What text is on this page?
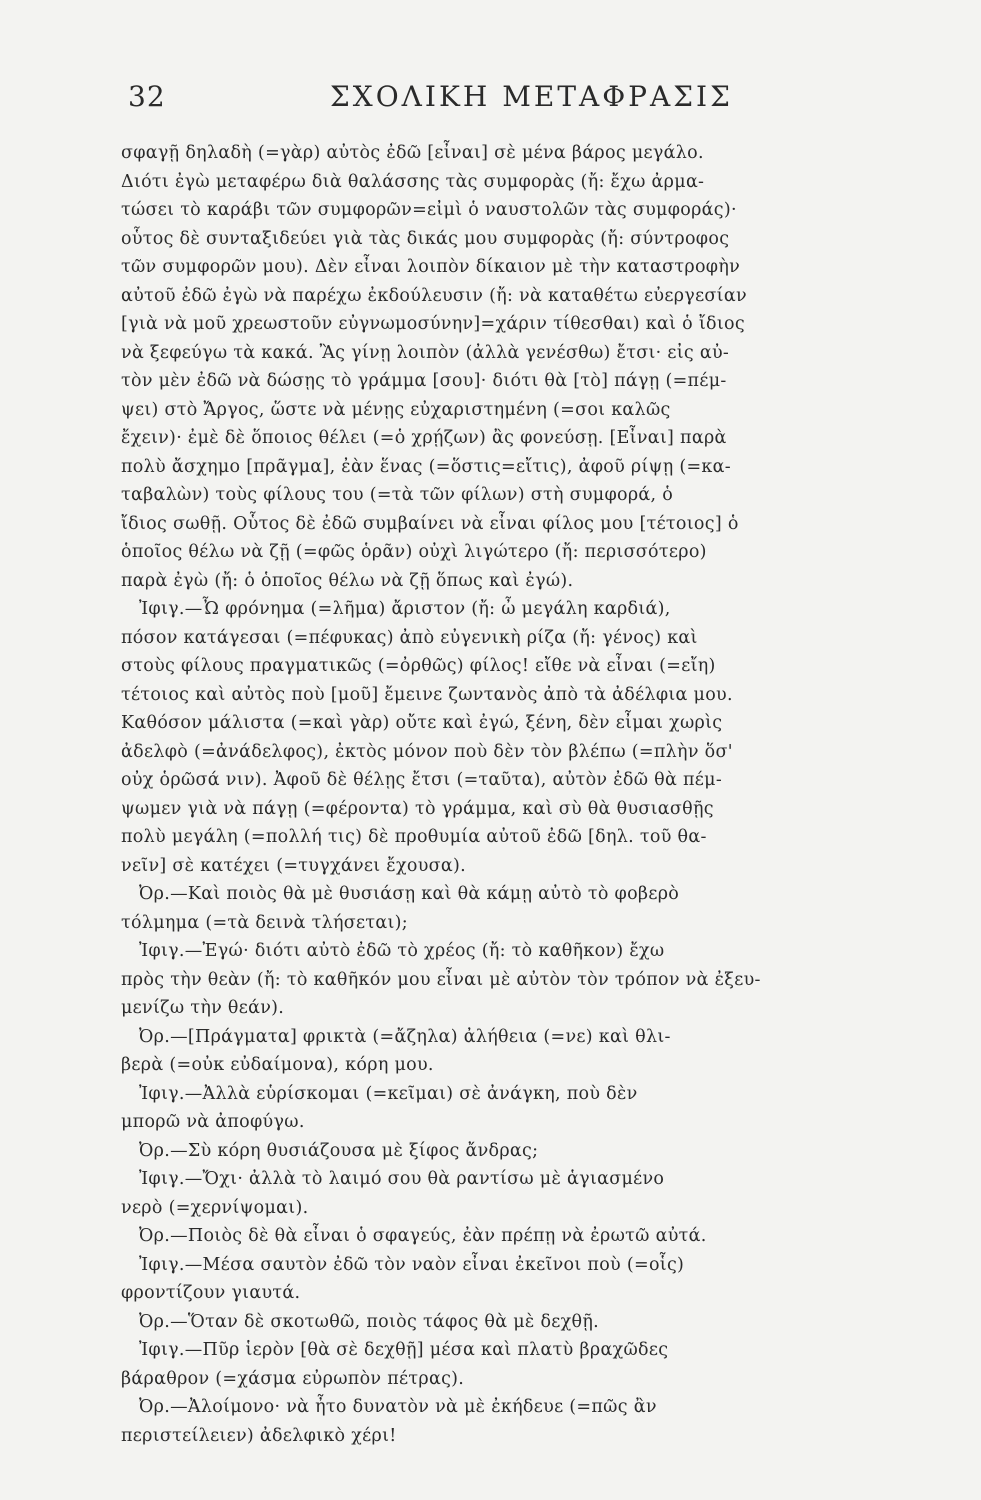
32	ΣΧΟΛΙΚΗ ΜΕΤΑΦΡΑΣΙΣ
σφαγῇ δηλαδὴ (=γὰρ) αὐτὸς ἐδῶ [εἶναι] σὲ μένα βάρος μεγάλο.
Διότι ἐγὼ μεταφέρω διὰ θαλάσσης τὰς συμφορὰς (ἤ: ἔχω ἀρμα-
τώσει τὸ καράβι τῶν συμφορῶν=εἰμὶ ὁ ναυστολῶν τὰς συμφοράς)·
οὗτος δὲ συνταξιδεύει γιὰ τὰς δικάς μου συμφορὰς (ἤ: σύντροφος
τῶν συμφορῶν μου). Δὲν εἶναι λοιπὸν δίκαιον μὲ τὴν καταστροφὴν
αὐτοῦ ἐδῶ ἐγὼ νὰ παρέχω ἐκδούλευσιν (ἤ: νὰ καταθέτω εὐεργεσίαν
[γιὰ νὰ μοῦ χρεωστοῦν εὐγνωμοσύνην]=χάριν τίθεσθαι) καὶ ὁ ἴδιος
νὰ ξεφεύγω τὰ κακά. Ἂς γίνῃ λοιπὸν (ἀλλὰ γενέσθω) ἔτσι· εἰς αὐ-
τὸν μὲν ἐδῶ νὰ δώσῃς τὸ γράμμα [σου]· διότι θὰ [τὸ] πάγῃ (=πέμ-
ψει) στὸ Ἄργος, ὥστε νὰ μένῃς εὐχαριστημένη (=σοι καλῶς
ἔχειν)· ἐμὲ δὲ ὅποιος θέλει (=ὁ χρῄζων) ἂς φονεύσῃ. [Εἶναι] παρὰ
πολὺ ἄσχημο [πρᾶγμα], ἐὰν ἕνας (=ὅστις=εἴτις), ἀφοῦ ρίψῃ (=κα-
ταβαλὼν) τοὺς φίλους του (=τὰ τῶν φίλων) στὴ συμφορά, ὁ
ἴδιος σωθῇ. Οὗτος δὲ ἐδῶ συμβαίνει νὰ εἶναι φίλος μου [τέτοιος] ὁ
ὁποῖος θέλω νὰ ζῇ (=φῶς ὁρᾶν) οὐχὶ λιγώτερο (ἤ: περισσότερο)
παρὰ ἐγὼ (ἤ: ὁ ὁποῖος θέλω νὰ ζῇ ὅπως καὶ ἐγώ).
Ἰφιγ.—Ὦ φρόνημα (=λῆμα) ἄριστον (ἤ: ὦ μεγάλη καρδιά),
πόσον κατάγεσαι (=πέφυκας) ἀπὸ εὐγενικὴ ρίζα (ἤ: γένος) καὶ
στοὺς φίλους πραγματικῶς (=ὀρθῶς) φίλος! εἴθε νὰ εἶναι (=εἴη)
τέτοιος καὶ αὐτὸς ποὺ [μοῦ] ἔμεινε ζωντανὸς ἀπὸ τὰ ἀδέλφια μου.
Καθόσον μάλιστα (=καὶ γὰρ) οὔτε καὶ ἐγώ, ξένη, δὲν εἶμαι χωρὶς
ἀδελφὸ (=ἀνάδελφος), ἐκτὸς μόνον ποὺ δὲν τὸν βλέπω (=πλὴν ὅσ'
οὐχ ὁρῶσά νιν). Ἀφοῦ δὲ θέλῃς ἔτσι (=ταῦτα), αὐτὸν ἐδῶ θὰ πέμ-
ψωμεν γιὰ νὰ πάγῃ (=φέροντα) τὸ γράμμα, καὶ σὺ θὰ θυσιασθῇς
πολὺ μεγάλη (=πολλή τις) δὲ προθυμία αὐτοῦ ἐδῶ [δηλ. τοῦ θα-
νεῖν] σὲ κατέχει (=τυγχάνει ἔχουσα).
Ὀρ.—Καὶ ποιὸς θὰ μὲ θυσιάσῃ καὶ θὰ κάμῃ αὐτὸ τὸ φοβερὸ
τόλμημα (=τὰ δεινὰ τλήσεται);
Ἰφιγ.—Ἐγώ· διότι αὐτὸ ἐδῶ τὸ χρέος (ἤ: τὸ καθῆκον) ἔχω
πρὸς τὴν θεὰν (ἤ: τὸ καθῆκόν μου εἶναι μὲ αὐτὸν τὸν τρόπον νὰ ἐξευ-
μενίζω τὴν θεάν).
Ὀρ.—[Πράγματα] φρικτὰ (=ἄζηλα) ἀλήθεια (=νε) καὶ θλι-
βερὰ (=οὐκ εὐδαίμονα), κόρη μου.
Ἰφιγ.—Ἀλλὰ εὑρίσκομαι (=κεῖμαι) σὲ ἀνάγκη, ποὺ δὲν
μπορῶ νὰ ἀποφύγω.
Ὀρ.—Σὺ κόρη θυσιάζουσα μὲ ξίφος ἄνδρας;
Ἰφιγ.—Ὄχι· ἀλλὰ τὸ λαιμό σου θὰ ραντίσω μὲ ἁγιασμένο
νερὸ (=χερνίψομαι).
Ὀρ.—Ποιὸς δὲ θὰ εἶναι ὁ σφαγεύς, ἐὰν πρέπῃ νὰ ἐρωτῶ αὐτά.
Ἰφιγ.—Μέσα σαυτὸν ἐδῶ τὸν ναὸν εἶναι ἐκεῖνοι ποὺ (=οἷς)
φροντίζουν γιαυτά.
Ὀρ.—Ὅταν δὲ σκοτωθῶ, ποιὸς τάφος θὰ μὲ δεχθῇ.
Ἰφιγ.—Πῦρ ἱερὸν [θὰ σὲ δεχθῇ] μέσα καὶ πλατὺ βραχῶδες
βάραθρον (=χάσμα εὐρωπὸν πέτρας).
Ὀρ.—Ἀλοίμονο· νὰ ἦτο δυνατὸν νὰ μὲ ἐκήδευε (=πῶς ἂν
περιστείλειεν) ἀδελφικὸ χέρι!
